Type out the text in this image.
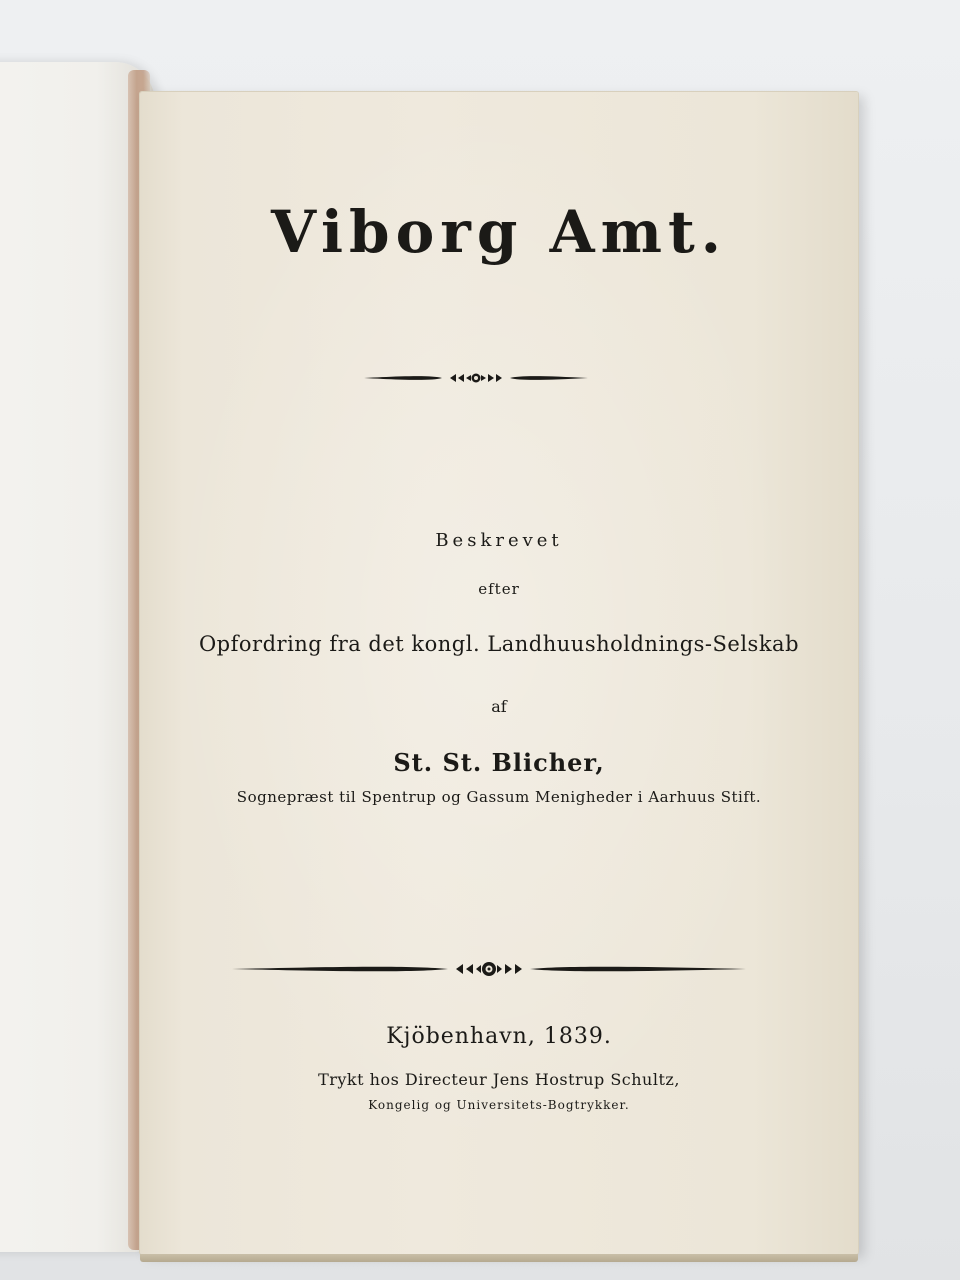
Viborg Amt.
Beskrevet
efter
Opfordring fra det kongl. Landhuusholdnings-Selskab
af
St. St. Blicher,
Sognepræst til Spentrup og Gassum Menigheder i Aarhuus Stift.
Kjöbenhavn, 1839.
Trykt hos Directeur Jens Hostrup Schultz,
Kongelig og Universitets-Bogtrykker.
